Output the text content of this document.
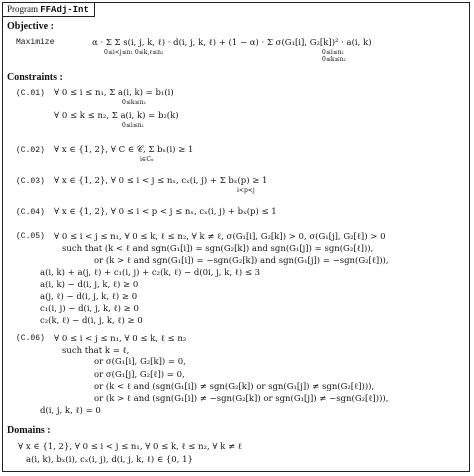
Program FFAdj-Int
Objective :
Maximize	α · Σ Σ s(i, j, k, ℓ) · d(i, j, k, ℓ) + (1 − α) · Σ σ(G₁[i], G₂[k])² · a(i, k)
0≤i<j≤n₁ 0≤k,ℓ≤n₂	0≤i≤n₁
0≤k≤n₂
Constraints :
(C.01) ∀ 0 ≤ i ≤ n₁, Σ a(i, k) = b₁(i)
0≤k≤n₂
∀ 0 ≤ k ≤ n₂, Σ a(i, k) = b₂(k)
0≤i≤n₁
(C.02) ∀ x ∈ {1, 2}, ∀ C ∈ 𝒞, Σ bₓ(i) ≥ 1
i∈Cₓ
(C.03) ∀ x ∈ {1, 2}, ∀ 0 ≤ i < j ≤ nₓ, cₓ(i, j) + Σ bₓ(p) ≥ 1
i<p<j
(C.04) ∀ x ∈ {1, 2}, ∀ 0 ≤ i < p < j ≤ nₓ, cₓ(i, j) + bₓ(p) ≤ 1
(C.05) ∀ 0 ≤ i < j ≤ n₁, ∀ 0 ≤ k, ℓ ≤ n₂, ∀ k ≠ ℓ, σ(G₁[i], G₂[k]) > 0, σ(G₁[j], G₂[ℓ]) > 0
such that (k < ℓ and sgn(G₁[i]) = sgn(G₂[k]) and sgn(G₁[j]) = sgn(G₂[ℓ])),
or (k > ℓ and sgn(G₁[i]) = −sgn(G₂[k]) and sgn(G₁[j]) = −sgn(G₂[ℓ])),
a(i, k) + a(j, ℓ) + c₁(i, j) + c₂(k, ℓ) − d(0i, j, k, ℓ) ≤ 3
a(i, k) − d(i, j, k, ℓ) ≥ 0
a(j, ℓ) − d(i, j, k, ℓ) ≥ 0
c₁(i, j) − d(i, j, k, ℓ) ≥ 0
c₂(k, ℓ) − d(i, j, k, ℓ) ≥ 0
(C.06) ∀ 0 ≤ i < j ≤ n₁, ∀ 0 ≤ k, ℓ ≤ n₂
such that k = ℓ,
or σ(G₁[i], G₂[k]) = 0,
or σ(G₁[j], G₂[ℓ]) = 0,
or (k < ℓ and (sgn(G₁[i]) ≠ sgn(G₂[k]) or sgn(G₁[j]) ≠ sgn(G₂[ℓ]))),
or (k > ℓ and (sgn(G₁[i]) ≠ −sgn(G₂[k]) or sgn(G₁[j]) ≠ −sgn(G₂[ℓ]))),
d(i, j, k, ℓ) = 0
Domains :
∀ x ∈ {1, 2}, ∀ 0 ≤ i < j ≤ n₁, ∀ 0 ≤ k, ℓ ≤ n₂, ∀ k ≠ ℓ
a(i, k), bₓ(i), cₓ(i, j), d(i, j, k, ℓ) ∈ {0, 1}
